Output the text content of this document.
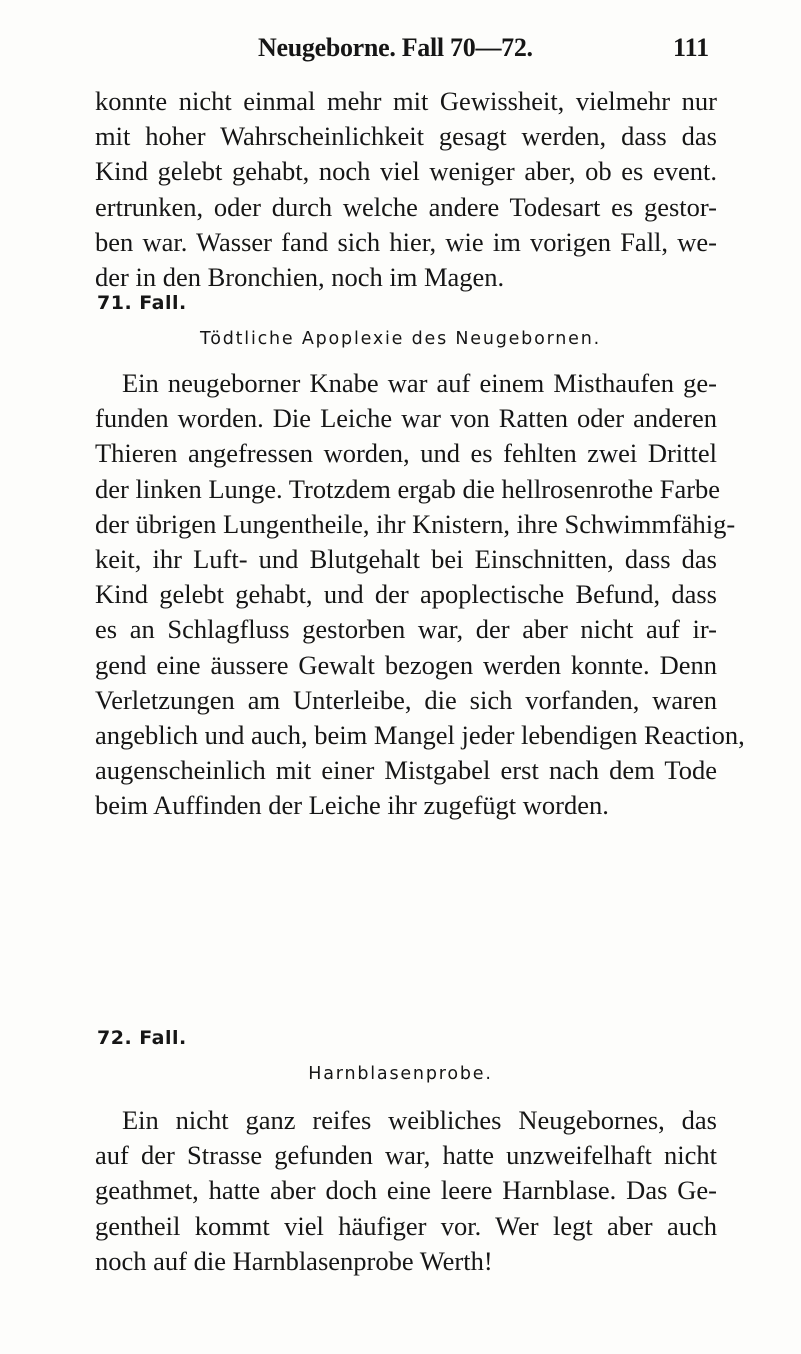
Neugeborne. Fall 70—72.	111
konnte nicht einmal mehr mit Gewissheit, vielmehr nur
mit hoher Wahrscheinlichkeit gesagt werden, dass das
Kind gelebt gehabt, noch viel weniger aber, ob es event.
ertrunken, oder durch welche andere Todesart es gestor-
ben war. Wasser fand sich hier, wie im vorigen Fall, we-
der in den Bronchien, noch im Magen.
71. Fall.
Tödtliche Apoplexie des Neugebornen.
Ein neugeborner Knabe war auf einem Misthaufen ge-
funden worden. Die Leiche war von Ratten oder anderen
Thieren angefressen worden, und es fehlten zwei Drittel
der linken Lunge. Trotzdem ergab die hellrosenrothe Farbe
der übrigen Lungentheile, ihr Knistern, ihre Schwimmfähig-
keit, ihr Luft- und Blutgehalt bei Einschnitten, dass das
Kind gelebt gehabt, und der apoplectische Befund, dass
es an Schlagfluss gestorben war, der aber nicht auf ir-
gend eine äussere Gewalt bezogen werden konnte. Denn
Verletzungen am Unterleibe, die sich vorfanden, waren
angeblich und auch, beim Mangel jeder lebendigen Reaction,
augenscheinlich mit einer Mistgabel erst nach dem Tode
beim Auffinden der Leiche ihr zugefügt worden.
72. Fall.
Harnblasenprobe.
Ein nicht ganz reifes weibliches Neugebornes, das
auf der Strasse gefunden war, hatte unzweifelhaft nicht
geathmet, hatte aber doch eine leere Harnblase. Das Ge-
gentheil kommt viel häufiger vor. Wer legt aber auch
noch auf die Harnblasenprobe Werth!
